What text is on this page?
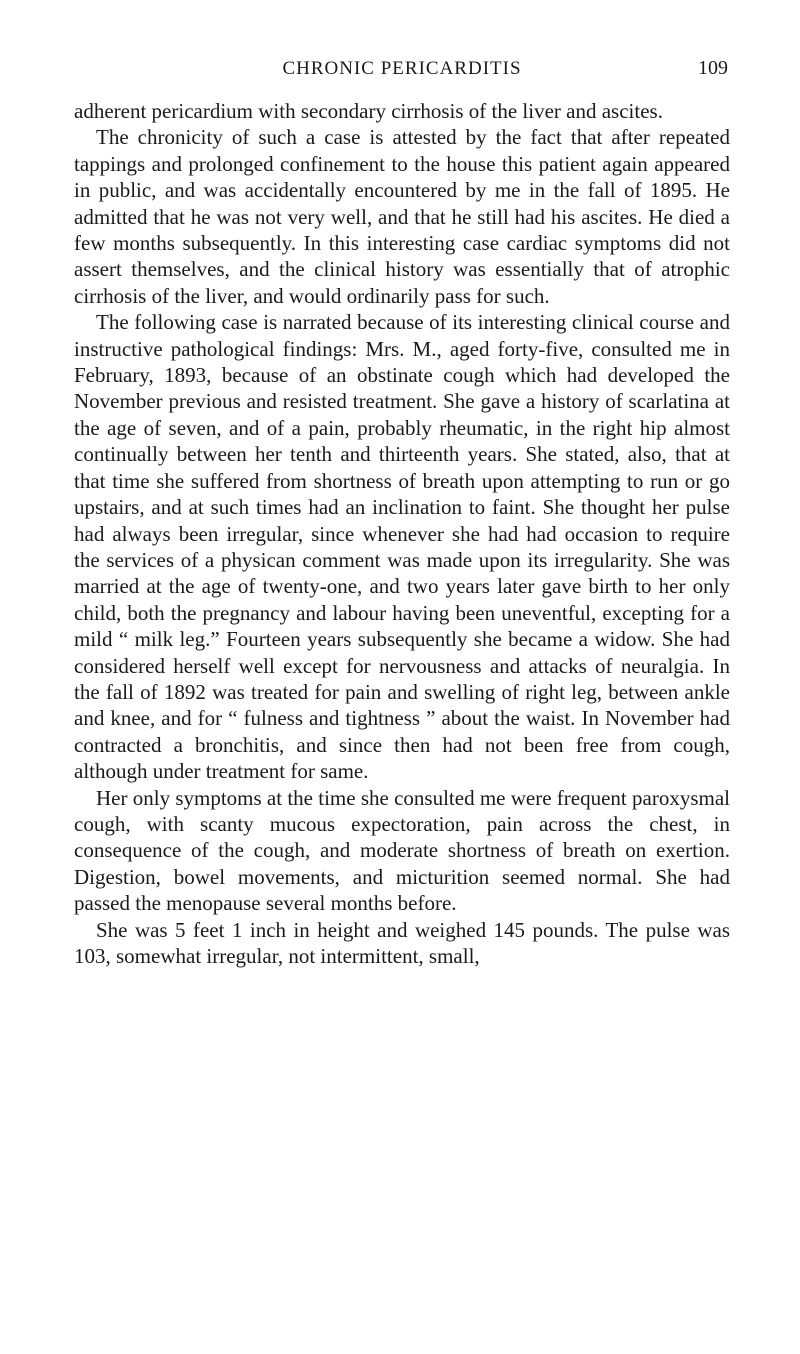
CHRONIC PERICARDITIS	109

adherent pericardium with secondary cirrhosis of the liver and ascites.

The chronicity of such a case is attested by the fact that after repeated tappings and prolonged confinement to the house this patient again appeared in public, and was accidentally encountered by me in the fall of 1895. He admitted that he was not very well, and that he still had his ascites. He died a few months subsequently. In this interesting case cardiac symptoms did not assert themselves, and the clinical history was essentially that of atrophic cirrhosis of the liver, and would ordinarily pass for such.

The following case is narrated because of its interesting clinical course and instructive pathological findings: Mrs. M., aged forty-five, consulted me in February, 1893, because of an obstinate cough which had developed the November previous and resisted treatment. She gave a history of scarlatina at the age of seven, and of a pain, probably rheumatic, in the right hip almost continually between her tenth and thirteenth years. She stated, also, that at that time she suffered from shortness of breath upon attempting to run or go upstairs, and at such times had an inclination to faint. She thought her pulse had always been irregular, since whenever she had had occasion to require the services of a physican comment was made upon its irregularity. She was married at the age of twenty-one, and two years later gave birth to her only child, both the pregnancy and labour having been uneventful, excepting for a mild “ milk leg.” Fourteen years subsequently she became a widow. She had considered herself well except for nervousness and attacks of neuralgia. In the fall of 1892 was treated for pain and swelling of right leg, between ankle and knee, and for “ fulness and tightness ” about the waist. In November had contracted a bronchitis, and since then had not been free from cough, although under treatment for same.

Her only symptoms at the time she consulted me were frequent paroxysmal cough, with scanty mucous expectoration, pain across the chest, in consequence of the cough, and moderate shortness of breath on exertion. Digestion, bowel movements, and micturition seemed normal. She had passed the menopause several months before.

She was 5 feet 1 inch in height and weighed 145 pounds. The pulse was 103, somewhat irregular, not intermittent, small,
